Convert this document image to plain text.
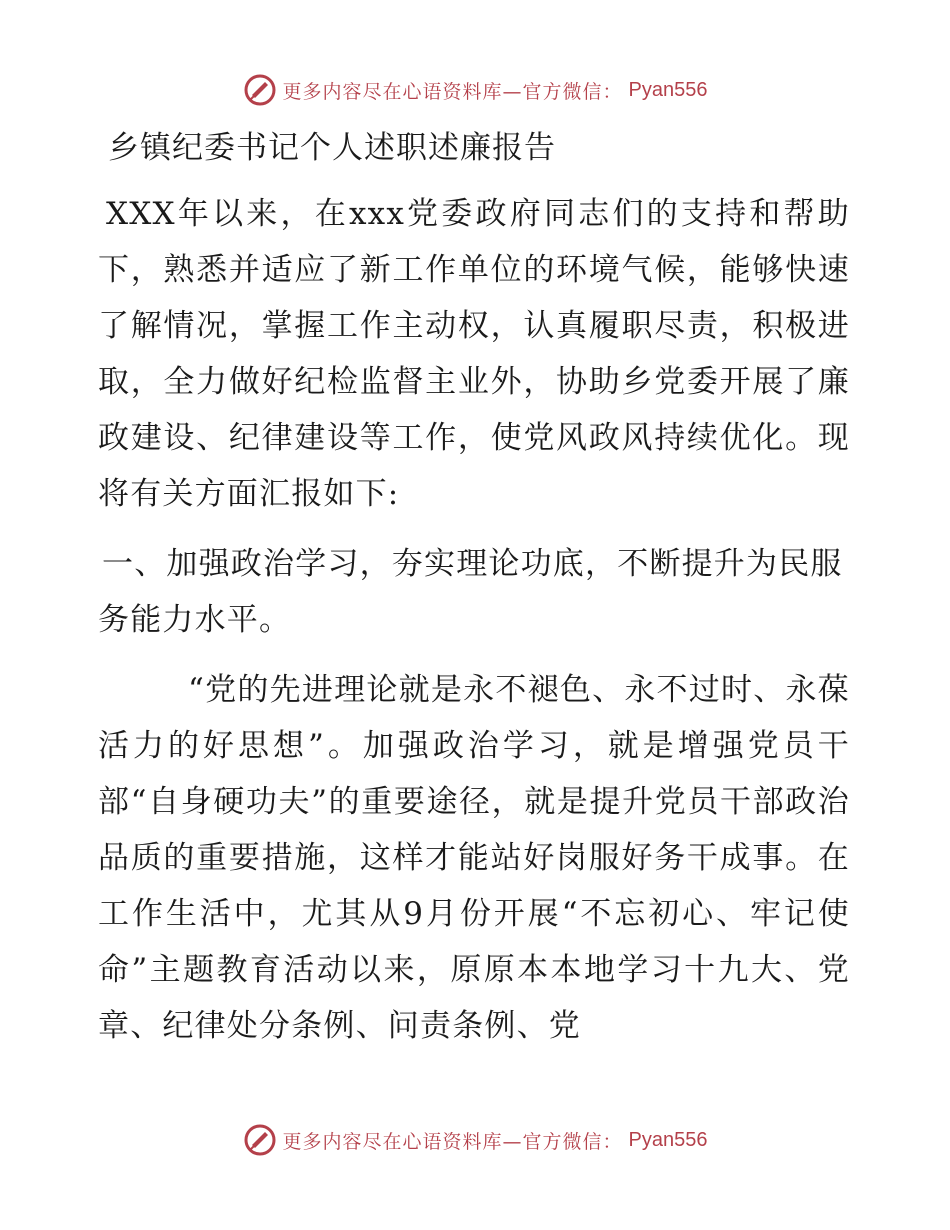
更多内容尽在心语资料库—官方微信： Pyan556
乡镇纪委书记个人述职述廉报告

XXX年以来，在xxx党委政府同志们的支持和帮助下，熟悉并适应了新工作单位的环境气候，能够快速了解情况，掌握工作主动权，认真履职尽责，积极进取，全力做好纪检监督主业外，协助乡党委开展了廉政建设、纪律建设等工作，使党风政风持续优化。现将有关方面汇报如下:

一、加强政治学习，夯实理论功底，不断提升为民服务能力水平。

“党的先进理论就是永不褪色、永不过时、永葆活力的好思想”。加强政治学习，就是增强党员干部“自身硬功夫”的重要途径，就是提升党员干部政治品质的重要措施，这样才能站好岗服好务干成事。在工作生活中，尤其从9月份开展“不忘初心、牢记使命”主题教育活动以来，原原本本地学习十九大、党章、纪律处分条例、问责条例、党

更多内容尽在心语资料库—官方微信： Pyan556
